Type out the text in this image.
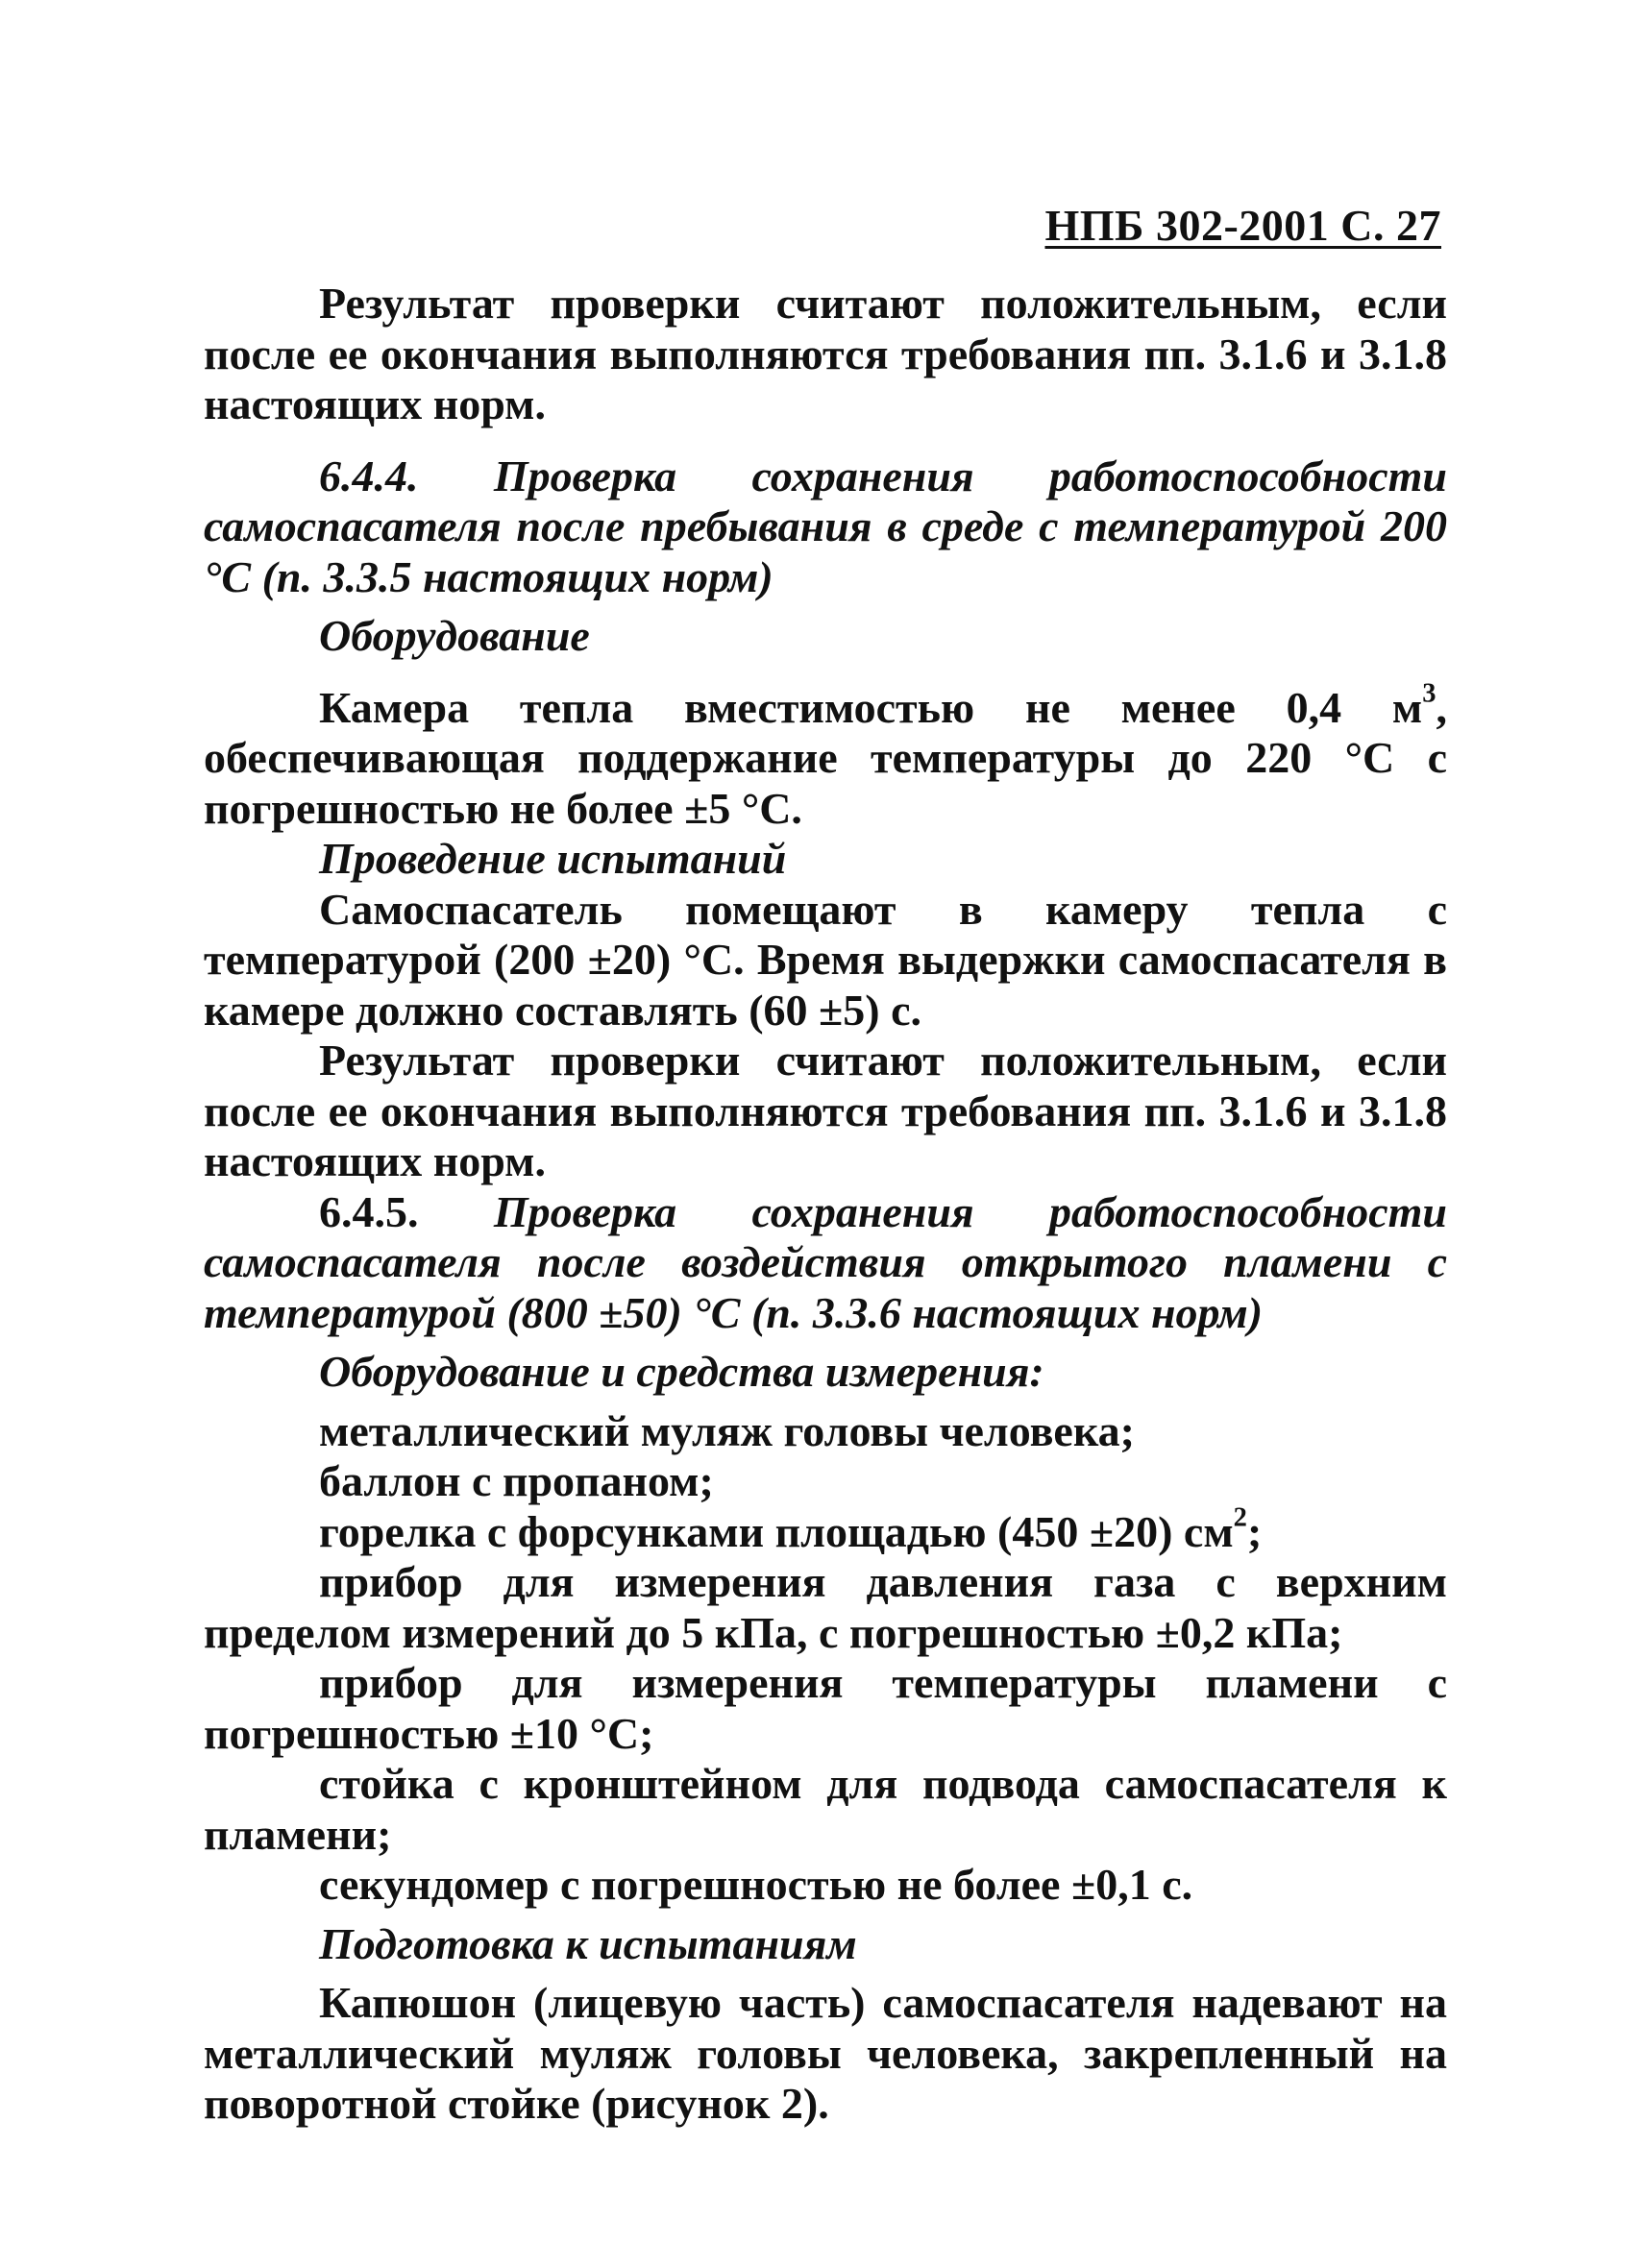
НПБ 302-2001 С. 27

Результат проверки считают положительным, если после ее окончания выполняются требования пп. 3.1.6 и 3.1.8 настоящих норм.

6.4.4. Проверка сохранения работоспособности самоспасателя после пребывания в среде с температурой 200 °С (п. 3.3.5 настоящих норм)

Оборудование

Камера тепла вместимостью не менее 0,4 $м^3$, обеспечивающая поддержание температуры до 220 °С с погрешностью не более ±5 °С.

Проведение испытаний

Самоспасатель помещают в камеру тепла с температурой (200 ±20) °С. Время выдержки самоспасателя в камере должно составлять (60 ±5) с.

Результат проверки считают положительным, если после ее окончания выполняются требования пп. 3.1.6 и 3.1.8 настоящих норм.

6.4.5. Проверка сохранения работоспособности самоспасателя после воздействия открытого пламени с температурой (800 ±50) °С (п. 3.3.6 настоящих норм)

Оборудование и средства измерения:

металлический муляж головы человека;

баллон с пропаном;

горелка с форсунками площадью (450 ±20) $см^2$;

прибор для измерения давления газа с верхним пределом измерений до 5 кПа, с погрешностью ±0,2 кПа;

прибор для измерения температуры пламени с погрешностью ±10 °С;

стойка с кронштейном для подвода самоспасателя к пламени;

секундомер с погрешностью не более ±0,1 с.

Подготовка к испытаниям

Капюшон (лицевую часть) самоспасателя надевают на металлический муляж головы человека, закрепленный на поворотной стойке (рисунок 2).
